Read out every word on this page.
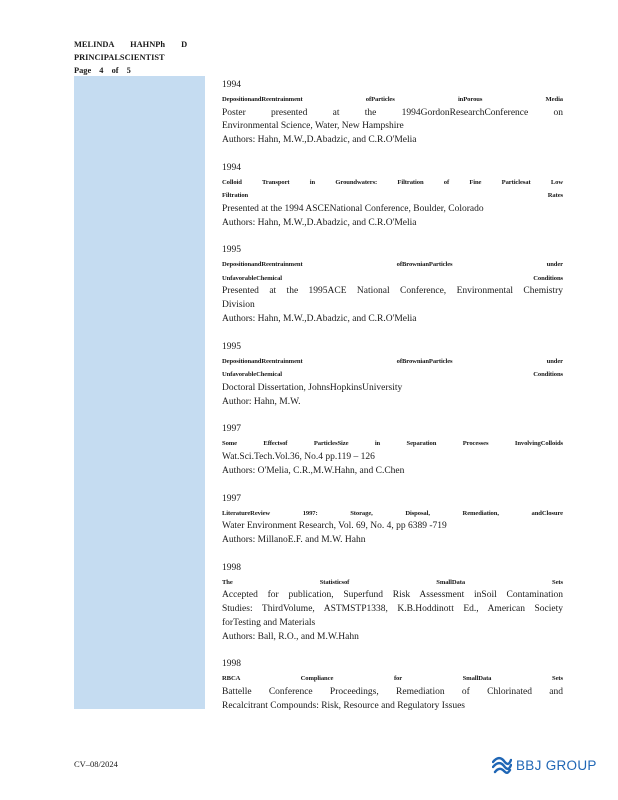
MELINDA HAHNPh D
PRINCIPALSCIENTIST
Page 4 of 5
1994
DepositionandReentrainment ofParticles inPorous Media
Poster presented at the 1994GordonResearchConference on
Environmental Science, Water, New Hampshire
Authors: Hahn, M.W.,D.Abadzic, and C.R.O'Melia
1994
Colloid Transport in Groundwaters: Filtration of Fine Particlesat Low
Filtration Rates
Presented at the 1994 ASCENational Conference, Boulder, Colorado
Authors: Hahn, M.W.,D.Abadzic, and C.R.O'Melia
1995
DepositionandReentrainment ofBrownianParticles under
UnfavorableChemical Conditions
Presented at the 1995ACE National Conference, Environmental Chemistry
Division
Authors: Hahn, M.W.,D.Abadzic, and C.R.O'Melia
1995
DepositionandReentrainment ofBrownianParticles under
UnfavorableChemical Conditions
Doctoral Dissertation, JohnsHopkinsUniversity
Author: Hahn, M.W.
1997
Some Effectsof ParticlesSize in Separation Processes InvolvingColloids
Wat.Sci.Tech.Vol.36, No.4 pp.119 – 126
Authors: O'Melia, C.R.,M.W.Hahn, and C.Chen
1997
LiteratureReview 1997: Storage, Disposal, Remediation, andClosure
Water Environment Research, Vol. 69, No. 4, pp 6389 -719
Authors: MillanoE.F. and M.W. Hahn
1998
The Statisticsof SmallData Sets
Accepted for publication, Superfund Risk Assessment inSoil Contamination
Studies: ThirdVolume, ASTMSTP1338, K.B.Hoddinott Ed., American Society
forTesting and Materials
Authors: Ball, R.O., and M.W.Hahn
1998
RBCA Compliance for SmallData Sets
Battelle Conference Proceedings, Remediation of Chlorinated and
Recalcitrant Compounds: Risk, Resource and Regulatory Issues
CV–08/2024	BBJ GROUP
